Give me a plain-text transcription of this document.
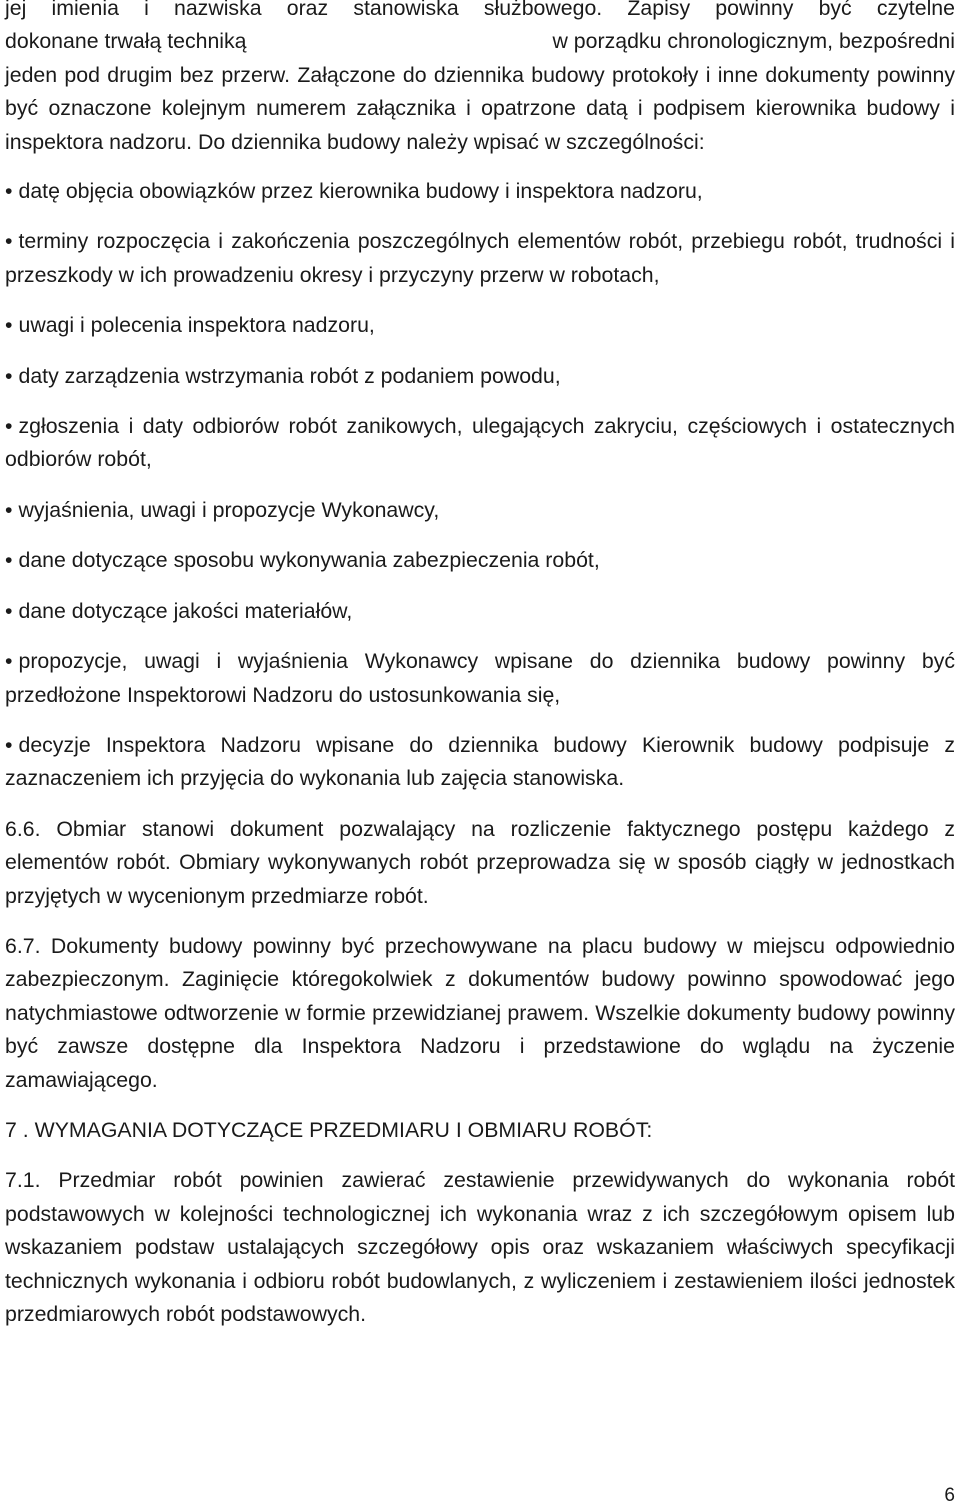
jej imienia i nazwiska oraz stanowiska służbowego. Zapisy powinny być czytelne

dokonane trwałą techniką	w porządku chronologicznym, bezpośredni

jeden pod drugim bez przerw. Załączone do dziennika budowy protokoły i inne dokumenty powinny być oznaczone kolejnym numerem załącznika i opatrzone datą i podpisem kierownika budowy i inspektora nadzoru. Do dziennika budowy należy wpisać w szczególności:

• datę objęcia obowiązków przez kierownika budowy i inspektora nadzoru,
• terminy rozpoczęcia i zakończenia poszczególnych elementów robót, przebiegu robót, trudności i przeszkody w ich prowadzeniu okresy i przyczyny przerw w robotach,
• uwagi i polecenia inspektora nadzoru,
• daty zarządzenia wstrzymania robót z podaniem powodu,
• zgłoszenia i daty odbiorów robót zanikowych, ulegających zakryciu, częściowych i ostatecznych odbiorów robót,
• wyjaśnienia, uwagi i propozycje Wykonawcy,
• dane dotyczące sposobu wykonywania zabezpieczenia robót,
• dane dotyczące jakości materiałów,
• propozycje, uwagi i wyjaśnienia Wykonawcy wpisane do dziennika budowy powinny być przedłożone Inspektorowi Nadzoru do ustosunkowania się,
• decyzje Inspektora Nadzoru wpisane do dziennika budowy Kierownik budowy podpisuje z zaznaczeniem ich przyjęcia do wykonania lub zajęcia stanowiska.

6.6. Obmiar stanowi dokument pozwalający na rozliczenie faktycznego postępu każdego z elementów robót. Obmiary wykonywanych robót przeprowadza się w sposób ciągły w jednostkach przyjętych w wycenionym przedmiarze robót.

6.7. Dokumenty budowy powinny być przechowywane na placu budowy w miejscu odpowiednio zabezpieczonym. Zaginięcie któregokolwiek z dokumentów budowy powinno spowodować jego natychmiastowe odtworzenie w formie przewidzianej prawem. Wszelkie dokumenty budowy powinny być zawsze dostępne dla Inspektora Nadzoru i przedstawione do wglądu na życzenie zamawiającego.

7 . WYMAGANIA DOTYCZĄCE PRZEDMIARU I OBMIARU ROBÓT:

7.1. Przedmiar robót powinien zawierać zestawienie przewidywanych do wykonania robót podstawowych w kolejności technologicznej ich wykonania wraz z ich szczegółowym opisem lub wskazaniem podstaw ustalających szczegółowy opis oraz wskazaniem właściwych specyfikacji technicznych wykonania i odbioru robót budowlanych, z wyliczeniem i zestawieniem ilości jednostek przedmiarowych robót podstawowych.

6
